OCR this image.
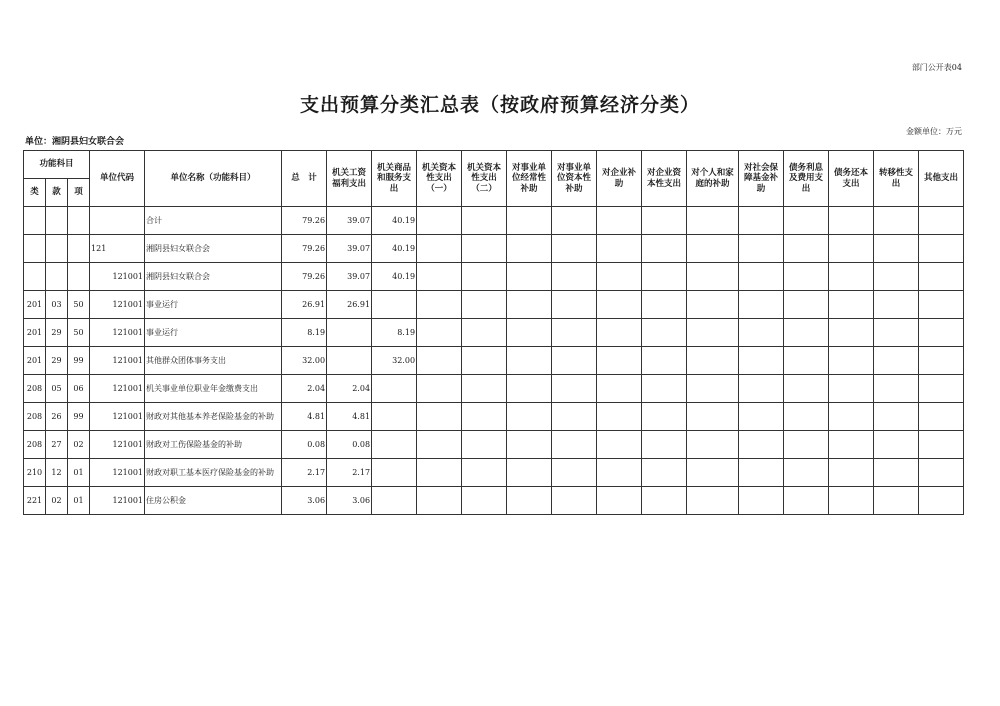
部门公开表04
支出预算分类汇总表（按政府预算经济分类）
单位：湘阴县妇女联合会
金额单位：万元
功能科目			单位代码	单位名称（功能科目）	总　计	机关工资福利支出	机关商品和服务支出	机关资本性支出（一）	机关资本性支出（二）	对事业单位经常性补助	对事业单位资本性补助	对企业补助	对企业资本性支出	对个人和家庭的补助	对社会保障基金补助	债务利息及费用支出	债务还本支出	转移性支出	其他支出
类	款	项																	
				合计	79.26	39.07	40.19												
			121	湘阴县妇女联合会	79.26	39.07	40.19												
			121001	湘阴县妇女联合会	79.26	39.07	40.19												
201	03	50	121001	事业运行	26.91	26.91													
201	29	50	121001	事业运行	8.19		8.19												
201	29	99	121001	其他群众团体事务支出	32.00		32.00												
208	05	06	121001	机关事业单位职业年金缴费支出	2.04	2.04													
208	26	99	121001	财政对其他基本养老保险基金的补助	4.81	4.81													
208	27	02	121001	财政对工伤保险基金的补助	0.08	0.08													
210	12	01	121001	财政对职工基本医疗保险基金的补助	2.17	2.17													
221	02	01	121001	住房公积金	3.06	3.06													
